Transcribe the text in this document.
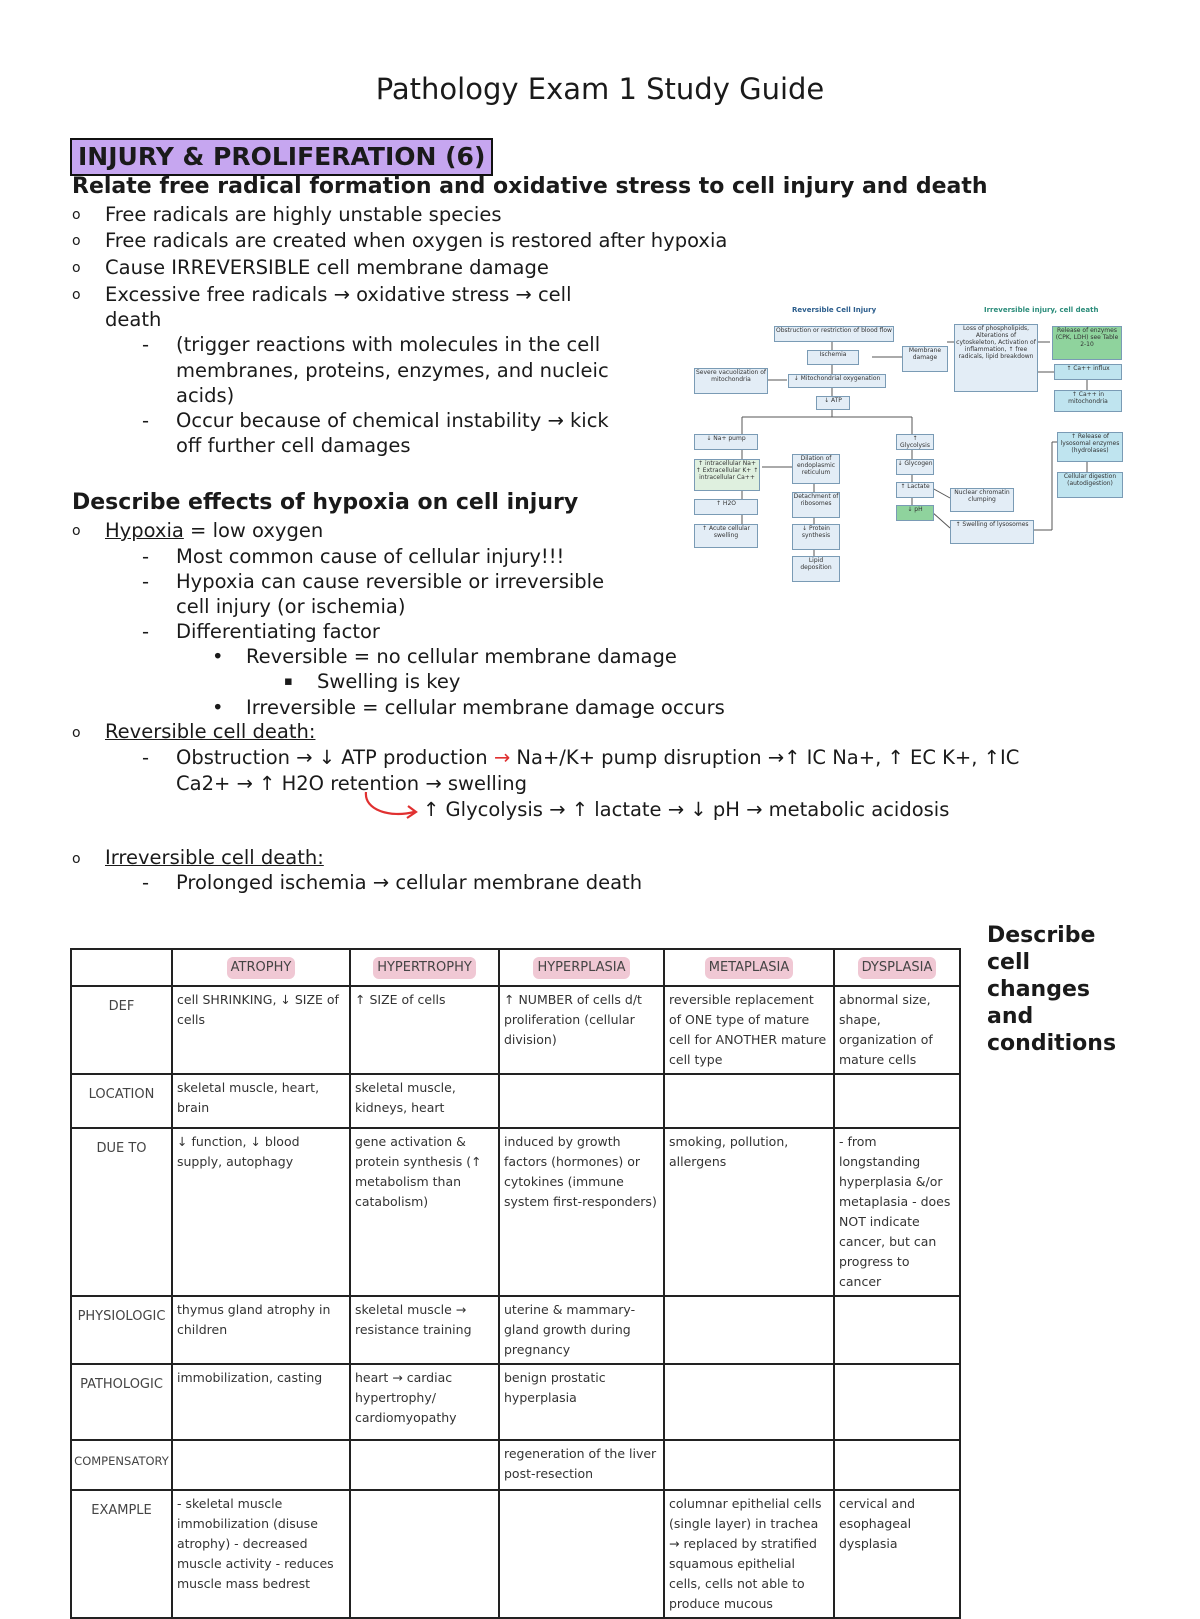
Pathology Exam 1 Study Guide
INJURY & PROLIFERATION (6)
Relate free radical formation and oxidative stress to cell injury and death
o Free radicals are highly unstable species
o Free radicals are created when oxygen is restored after hypoxia
o Cause IRREVERSIBLE cell membrane damage
o Excessive free radicals → oxidative stress → cell
death
- (trigger reactions with molecules in the cell
membranes, proteins, enzymes, and nucleic
acids)
- Occur because of chemical instability → kick
off further cell damages
Describe effects of hypoxia on cell injury
o Hypoxia = low oxygen
- Most common cause of cellular injury!!!
- Hypoxia can cause reversible or irreversible
cell injury (or ischemia)
- Differentiating factor
• Reversible = no cellular membrane damage
▪ Swelling is key
• Irreversible = cellular membrane damage occurs
o Reversible cell death:
- Obstruction → ↓ ATP production → Na+/K+ pump disruption →↑ IC Na+, ↑ EC K+, ↑IC
Ca2+ → ↑ H2O retention → swelling
↑ Glycolysis → ↑ lactate → ↓ pH → metabolic acidosis
o Irreversible cell death:
- Prolonged ischemia → cellular membrane death
Reversible Cell Injury	Irreversible injury, cell death
Obstruction or restriction of blood flow
Ischemia
Membrane damage
Severe vacuolization of mitochondria	↓ Mitochondrial oxygenation
↓ ATP
Loss of phospholipids, Alterations of cytoskeleton, Activation of inflammation, ↑ free radicals, lipid breakdown
Release of enzymes (CPK, LDH) see Table 2-10
↑ Ca++ influx
↑ Ca++ in mitochondria
↓ Na+ pump
↑ intracellular Na+ ↑ Extracellular K+ ↑ intracellular Ca++
↑ H2O
↑ Acute cellular swelling
Dilation of endoplasmic reticulum
Detachment of ribosomes
↓ Protein synthesis
Lipid deposition
↑ Glycolysis
↓ Glycogen
↑ Lactate
↓ pH
Nuclear chromatin clumping
↑ Swelling of lysosomes
↑ Release of lysosomal enzymes (hydrolases)
Cellular digestion (autodigestion)
Describe
cell
changes
and
conditions
	ATROPHY	HYPERTROPHY	HYPERPLASIA	METAPLASIA	DYSPLASIA
DEF	cell SHRINKING, ↓ SIZE of cells	↑ SIZE of cells	↑ NUMBER of cells d/t proliferation (cellular division)	reversible replacement of ONE type of mature cell for ANOTHER mature cell type	abnormal size, shape, organization of mature cells
LOCATION	skeletal muscle, heart, brain	skeletal muscle, kidneys, heart			
DUE TO	↓ function, ↓ blood supply, autophagy	gene activation & protein synthesis (↑ metabolism than catabolism)	induced by growth factors (hormones) or cytokines (immune system first-responders)	smoking, pollution, allergens	- from longstanding hyperplasia &/or metaplasia - does NOT indicate cancer, but can progress to cancer
PHYSIOLOGIC	thymus gland atrophy in children	skeletal muscle → resistance training	uterine & mammary-gland growth during pregnancy		
PATHOLOGIC	immobilization, casting	heart → cardiac hypertrophy/ cardiomyopathy	benign prostatic hyperplasia		
COMPENSATORY			regeneration of the liver post-resection		
EXAMPLE	- skeletal muscle immobilization (disuse atrophy) - decreased muscle activity - reduces muscle mass bedrest			columnar epithelial cells (single layer) in trachea → replaced by stratified squamous epithelial cells, cells not able to produce mucous	cervical and esophageal dysplasia
